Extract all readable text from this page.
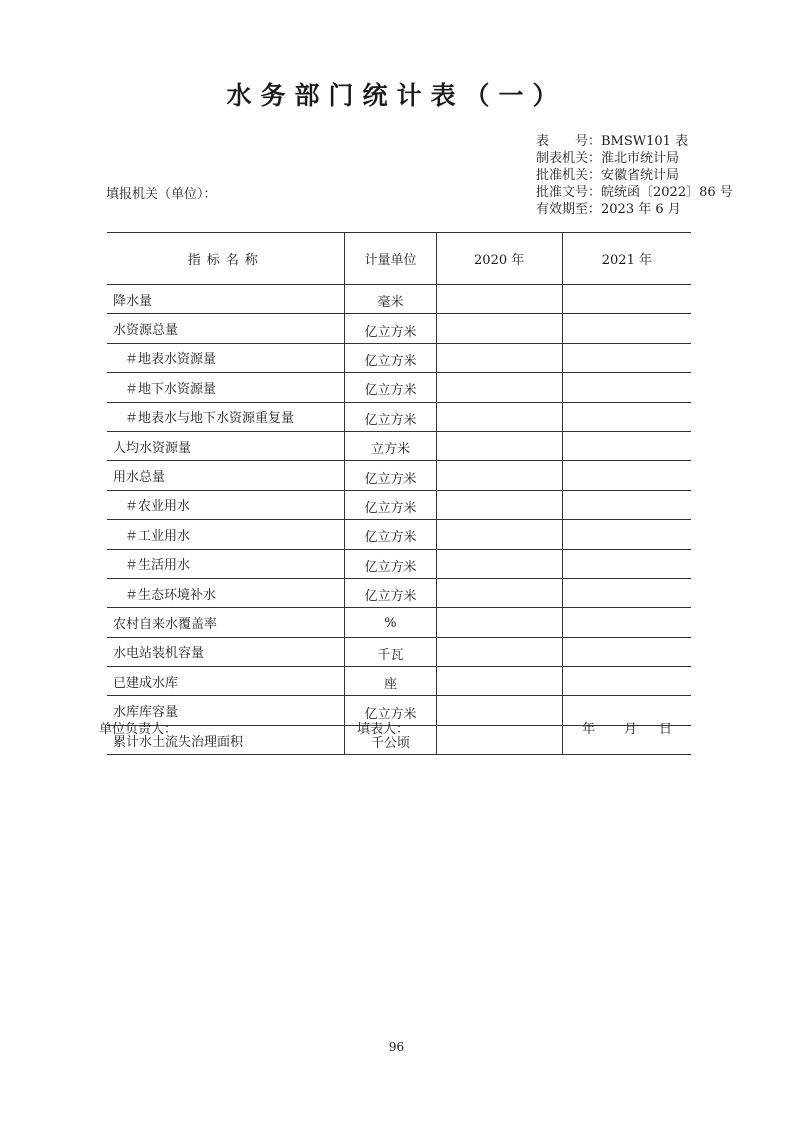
水务部门统计表（一）
表　　号：BMSW101 表
制表机关：淮北市统计局
批准机关：安徽省统计局
批准文号：皖统函〔2022〕86 号
有效期至：2023 年 6 月
填报机关（单位）：
指标名称	计量单位	2020 年	2021 年
降水量	毫米		
水资源总量	亿立方米		
＃地表水资源量	亿立方米		
＃地下水资源量	亿立方米		
＃地表水与地下水资源重复量	亿立方米		
人均水资源量	立方米		
用水总量	亿立方米		
＃农业用水	亿立方米		
＃工业用水	亿立方米		
＃生活用水	亿立方米		
＃生态环境补水	亿立方米		
农村自来水覆盖率	%		
水电站装机容量	千瓦		
已建成水库	座		
水库库容量	亿立方米		
累计水土流失治理面积	千公顷		
单位负责人：	填表人：	年 月 日
96
